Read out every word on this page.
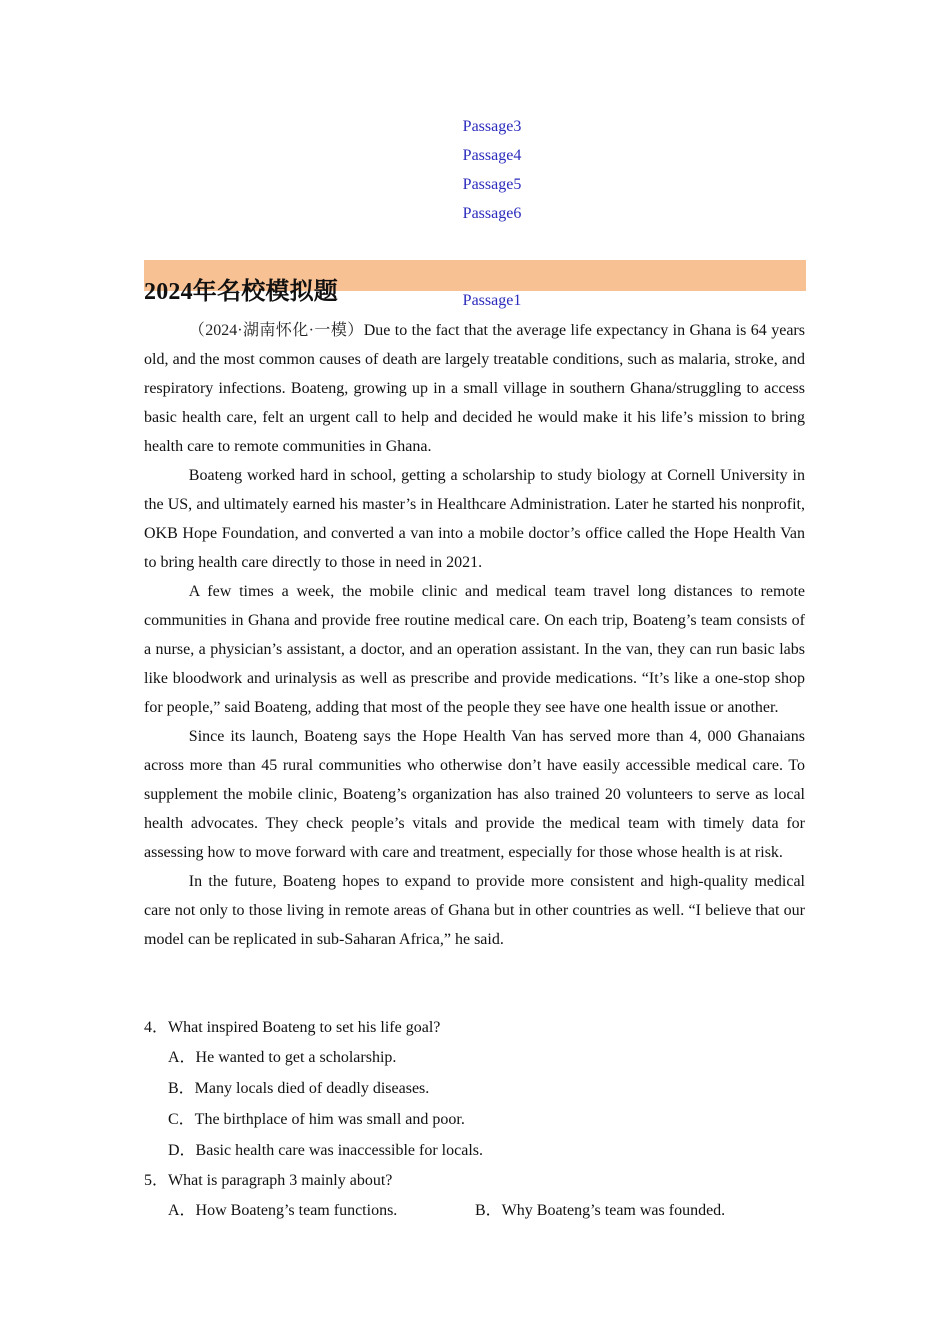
Passage3
Passage4
Passage5
Passage6
2024年名校模拟题	Passage1

（2024·湖南怀化·一模）Due to the fact that the average life expectancy in Ghana is 64 years old, and the most common causes of death are largely treatable conditions, such as malaria, stroke, and respiratory infections. Boateng, growing up in a small village in southern Ghana/struggling to access basic health care, felt an urgent call to help and decided he would make it his life’s mission to bring health care to remote communities in Ghana.

Boateng worked hard in school, getting a scholarship to study biology at Cornell University in the US, and ultimately earned his master’s in Healthcare Administration. Later he started his nonprofit, OKB Hope Foundation, and converted a van into a mobile doctor’s office called the Hope Health Van to bring health care directly to those in need in 2021.

A few times a week, the mobile clinic and medical team travel long distances to remote communities in Ghana and provide free routine medical care. On each trip, Boateng’s team consists of a nurse, a physician’s assistant, a doctor, and an operation assistant. In the van, they can run basic labs like bloodwork and urinalysis as well as prescribe and provide medications. “It’s like a one-stop shop for people,” said Boateng, adding that most of the people they see have one health issue or another.

Since its launch, Boateng says the Hope Health Van has served more than 4, 000 Ghanaians across more than 45 rural communities who otherwise don’t have easily accessible medical care. To supplement the mobile clinic, Boateng’s organization has also trained 20 volunteers to serve as local health advocates. They check people’s vitals and provide the medical team with timely data for assessing how to move forward with care and treatment, especially for those whose health is at risk.

In the future, Boateng hopes to expand to provide more consistent and high-quality medical care not only to those living in remote areas of Ghana but in other countries as well. “I believe that our model can be replicated in sub-Saharan Africa,” he said.

4．What inspired Boateng to set his life goal?
A．He wanted to get a scholarship.
B．Many locals died of deadly diseases.
C．The birthplace of him was small and poor.
D．Basic health care was inaccessible for locals.
5．What is paragraph 3 mainly about?
A．How Boateng’s team functions.	B．Why Boateng’s team was founded.
